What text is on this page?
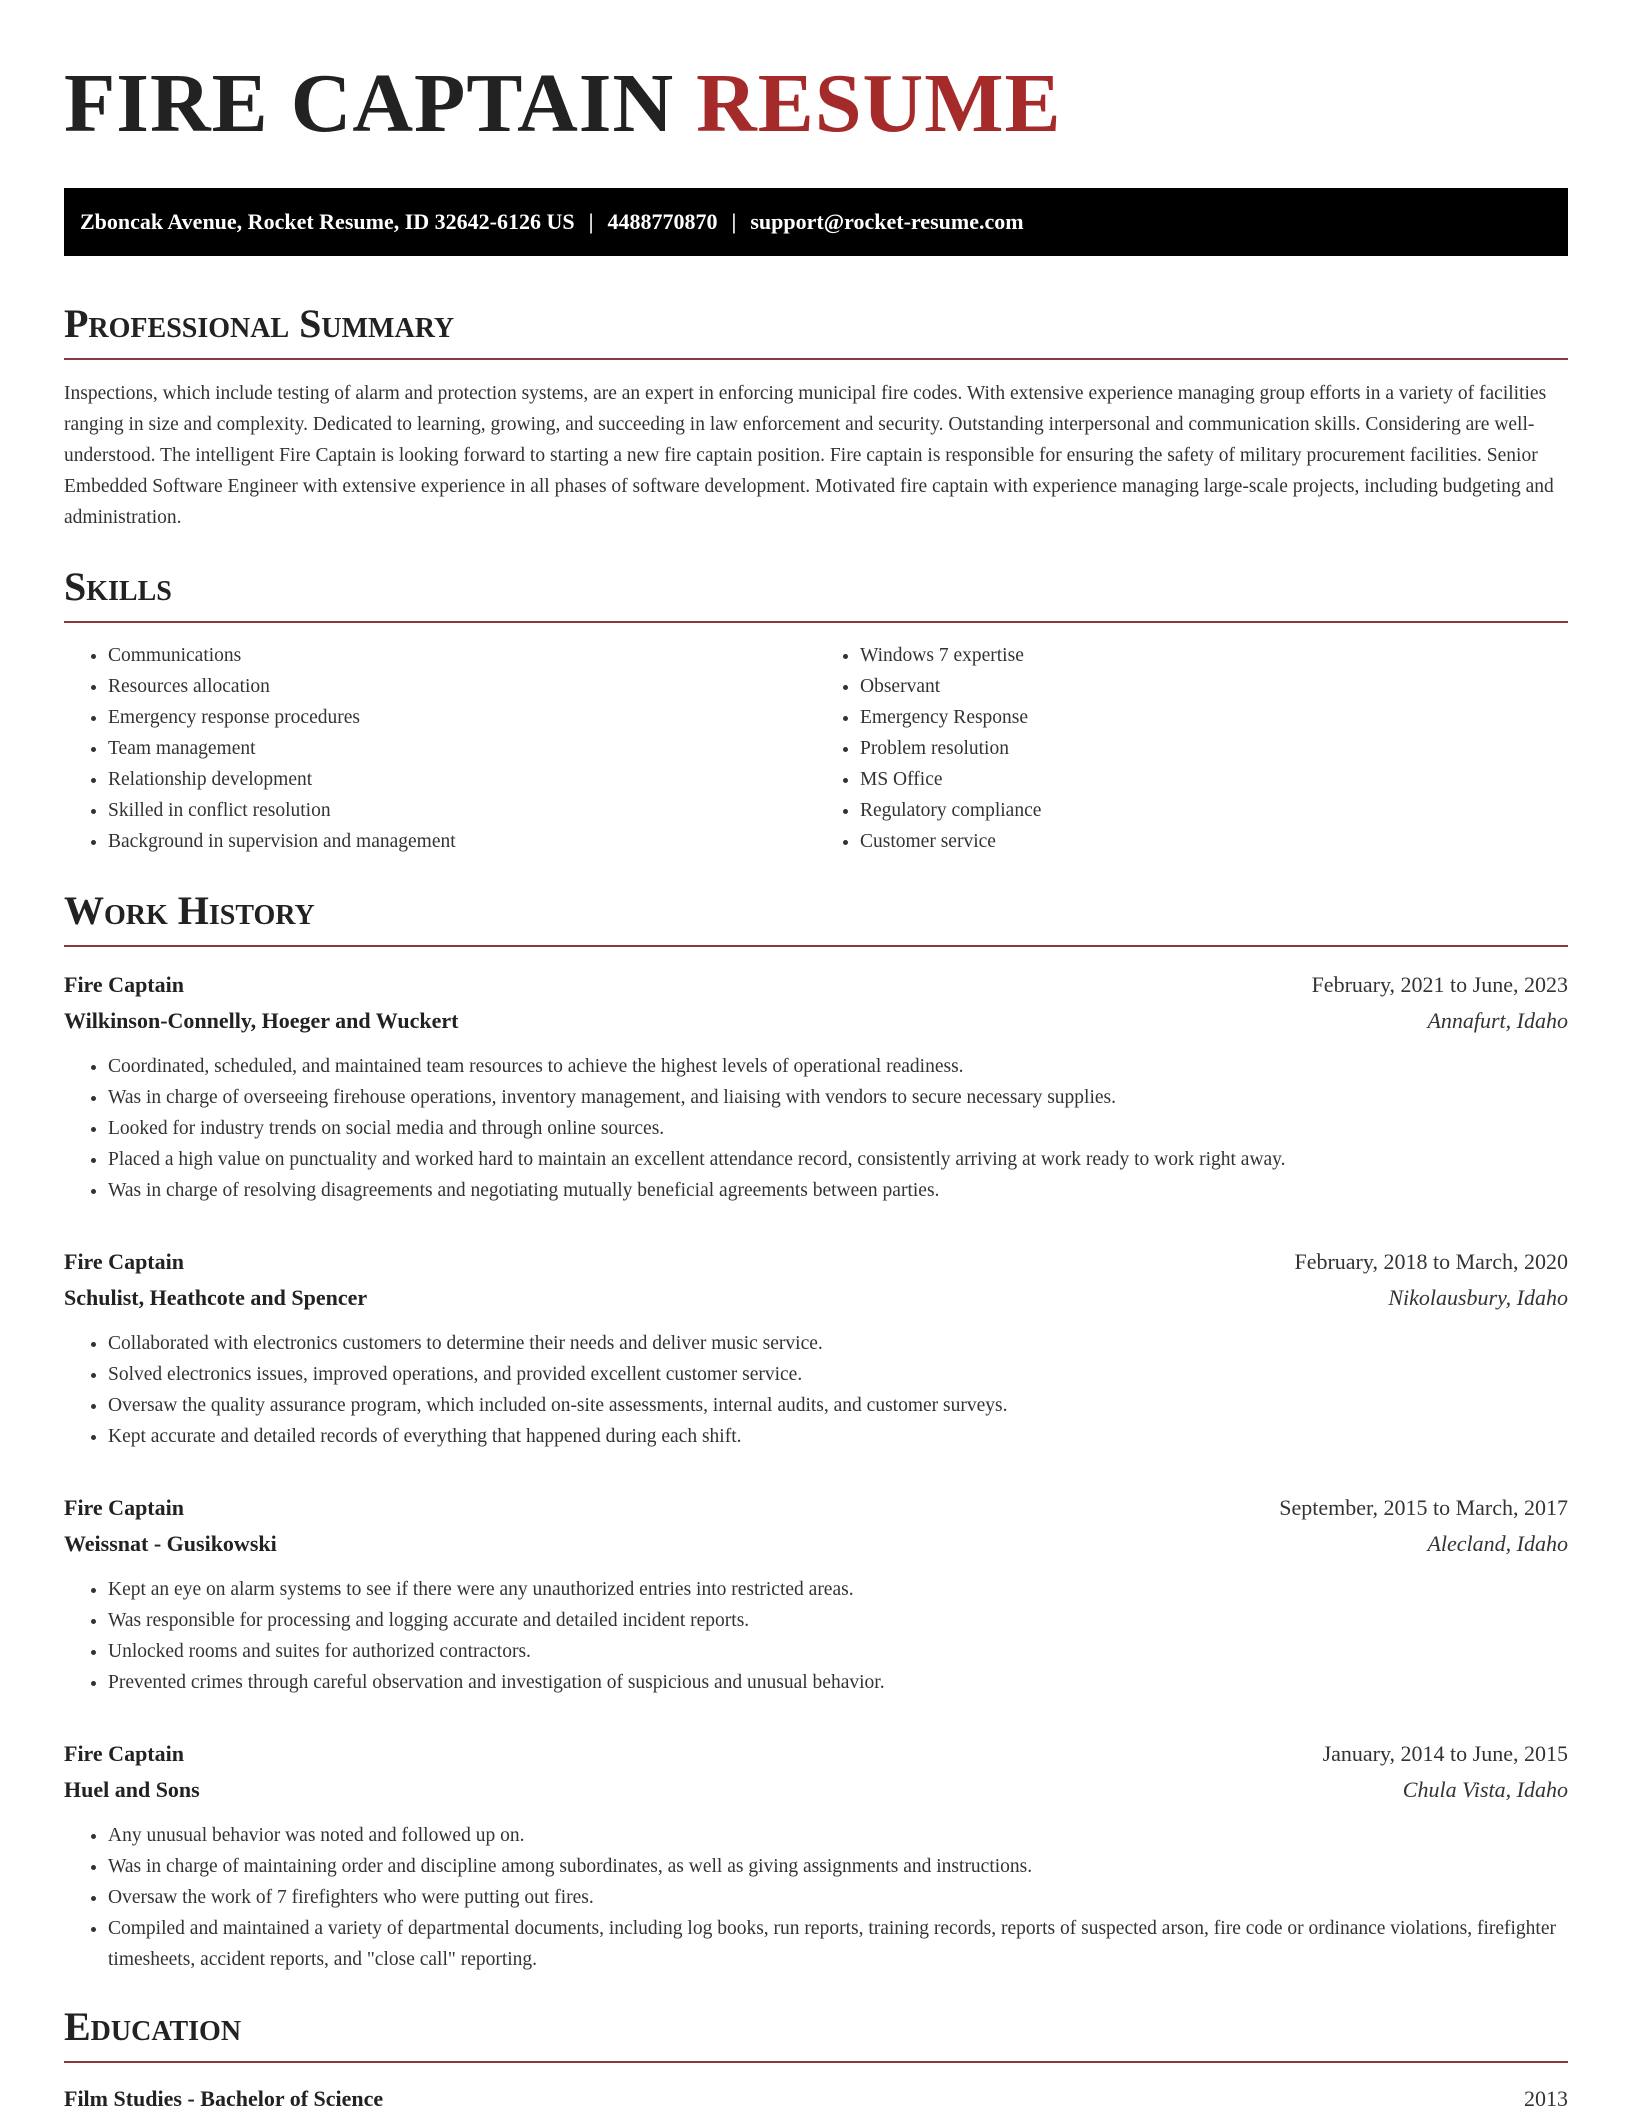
FIRE CAPTAIN RESUME
Zboncak Avenue, Rocket Resume, ID 32642-6126 US | 4488770870 | support@rocket-resume.com
Professional Summary

Inspections, which include testing of alarm and protection systems, are an expert in enforcing municipal fire codes. With extensive experience managing group efforts in a variety of facilities ranging in size and complexity. Dedicated to learning, growing, and succeeding in law enforcement and security. Outstanding interpersonal and communication skills. Considering are well-understood. The intelligent Fire Captain is looking forward to starting a new fire captain position. Fire captain is responsible for ensuring the safety of military procurement facilities. Senior Embedded Software Engineer with extensive experience in all phases of software development. Motivated fire captain with experience managing large-scale projects, including budgeting and administration.

Skills
• Communications
• Resources allocation
• Emergency response procedures
• Team management
• Relationship development
• Skilled in conflict resolution
• Background in supervision and management
• Windows 7 expertise
• Observant
• Emergency Response
• Problem resolution
• MS Office
• Regulatory compliance
• Customer service
Work History
Fire Captain	February, 2021 to June, 2023
Wilkinson-Connelly, Hoeger and Wuckert	Annafurt, Idaho
• Coordinated, scheduled, and maintained team resources to achieve the highest levels of operational readiness.
• Was in charge of overseeing firehouse operations, inventory management, and liaising with vendors to secure necessary supplies.
• Looked for industry trends on social media and through online sources.
• Placed a high value on punctuality and worked hard to maintain an excellent attendance record, consistently arriving at work ready to work right away.
• Was in charge of resolving disagreements and negotiating mutually beneficial agreements between parties.
Fire Captain	February, 2018 to March, 2020
Schulist, Heathcote and Spencer	Nikolausbury, Idaho
• Collaborated with electronics customers to determine their needs and deliver music service.
• Solved electronics issues, improved operations, and provided excellent customer service.
• Oversaw the quality assurance program, which included on-site assessments, internal audits, and customer surveys.
• Kept accurate and detailed records of everything that happened during each shift.
Fire Captain	September, 2015 to March, 2017
Weissnat - Gusikowski	Alecland, Idaho
• Kept an eye on alarm systems to see if there were any unauthorized entries into restricted areas.
• Was responsible for processing and logging accurate and detailed incident reports.
• Unlocked rooms and suites for authorized contractors.
• Prevented crimes through careful observation and investigation of suspicious and unusual behavior.
Fire Captain	January, 2014 to June, 2015
Huel and Sons	Chula Vista, Idaho
• Any unusual behavior was noted and followed up on.
• Was in charge of maintaining order and discipline among subordinates, as well as giving assignments and instructions.
• Oversaw the work of 7 firefighters who were putting out fires.
• Compiled and maintained a variety of departmental documents, including log books, run reports, training records, reports of suspected arson, fire code or ordinance violations, firefighter timesheets, accident reports, and "close call" reporting.
Education
Film Studies - Bachelor of Science	2013
